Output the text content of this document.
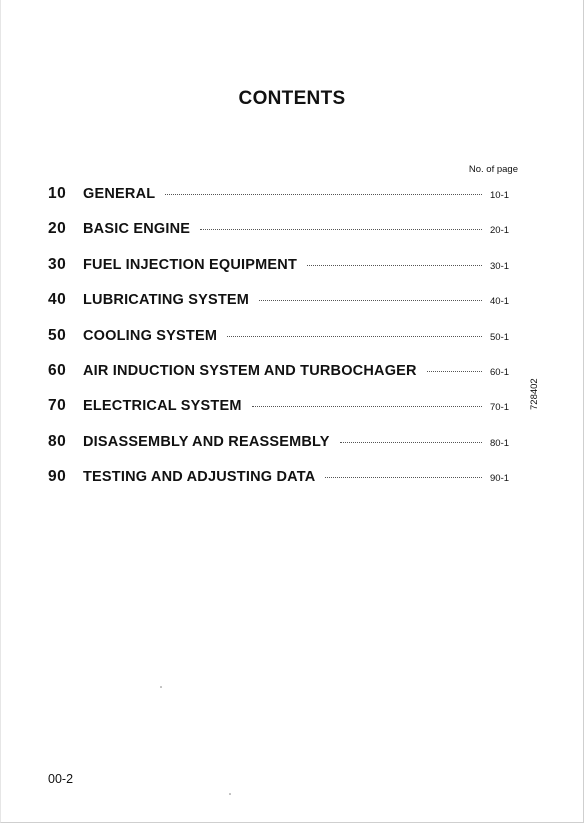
CONTENTS
No. of page
10	GENERAL	10-1
20	BASIC ENGINE	20-1
30	FUEL INJECTION EQUIPMENT	30-1
40	LUBRICATING SYSTEM	40-1
50	COOLING SYSTEM	50-1
60	AIR INDUCTION SYSTEM AND TURBOCHAGER	60-1
70	ELECTRICAL SYSTEM	70-1
80	DISASSEMBLY AND REASSEMBLY	80-1
90	TESTING AND ADJUSTING DATA	90-1
728402
00-2
